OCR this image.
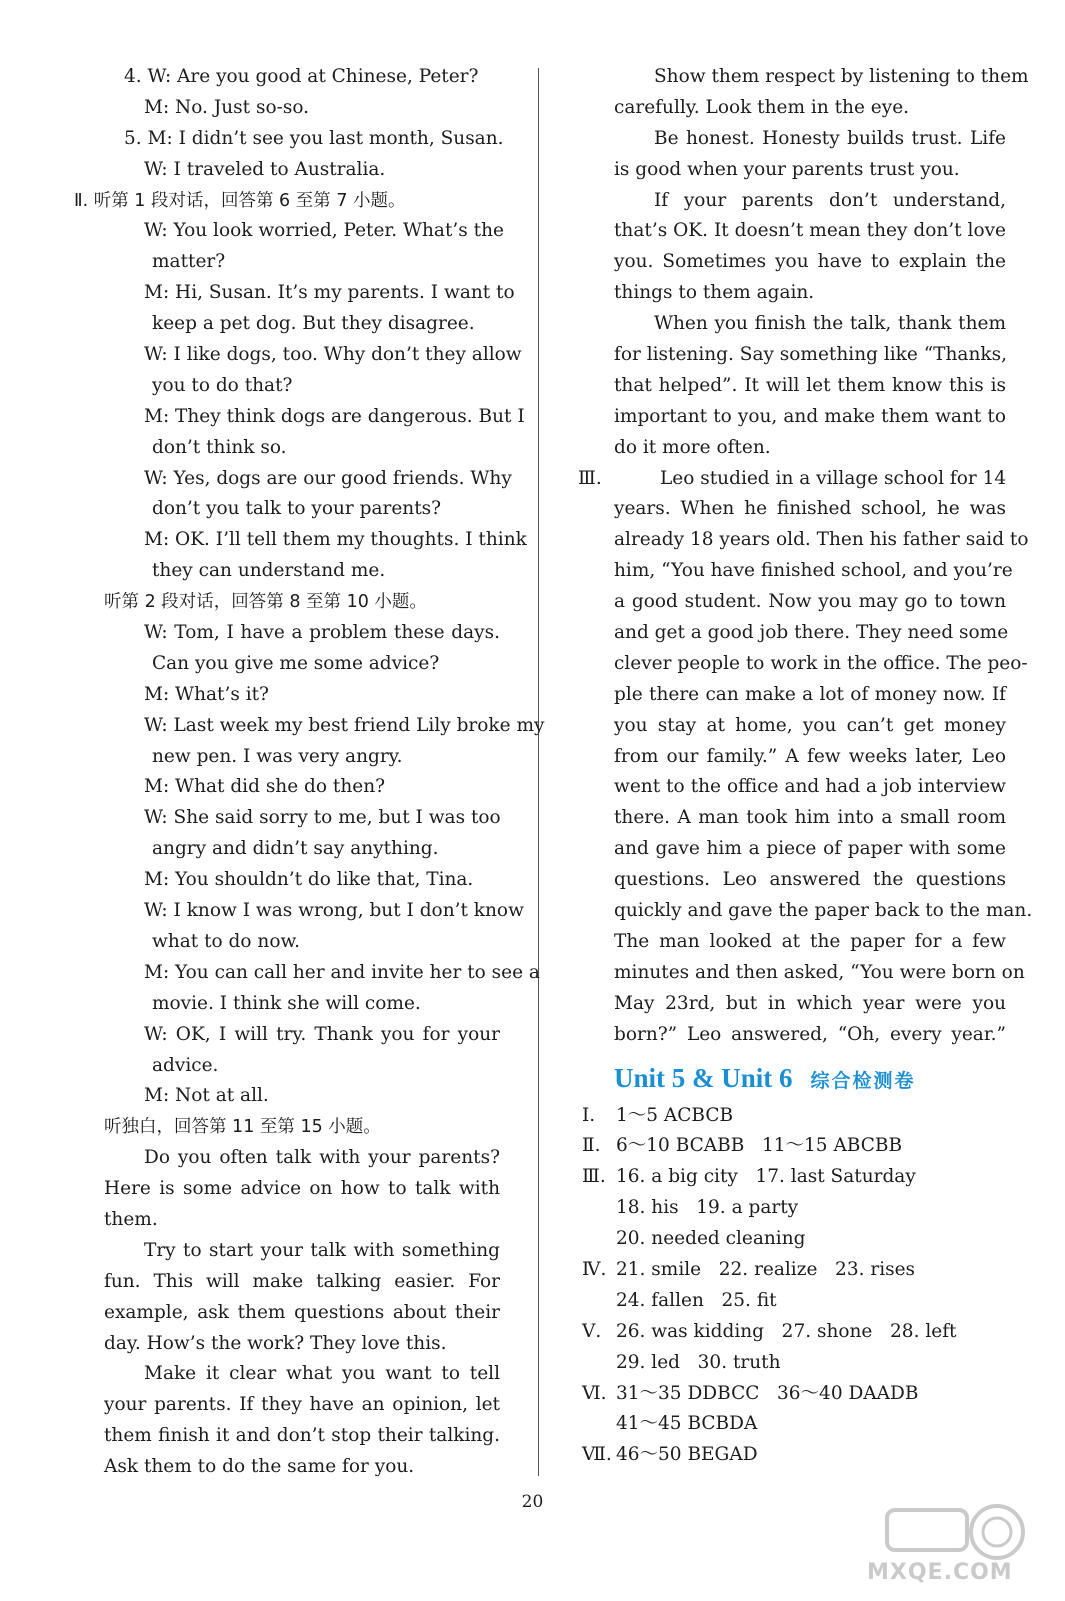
4. W: Are you good at Chinese, Peter?
M: No. Just so-so.
5. M: I didn’t see you last month, Susan.
W: I traveled to Australia.
Ⅱ. 听第 1 段对话，回答第 6 至第 7 小题。
W: You look worried, Peter. What’s the
matter?
M: Hi, Susan. It’s my parents. I want to
keep a pet dog. But they disagree.
W: I like dogs, too. Why don’t they allow
you to do that?
M: They think dogs are dangerous. But I
don’t think so.
W: Yes, dogs are our good friends. Why
don’t you talk to your parents?
M: OK. I’ll tell them my thoughts. I think
they can understand me.
听第 2 段对话，回答第 8 至第 10 小题。
W: Tom, I have a problem these days.
Can you give me some advice?
M: What’s it?
W: Last week my best friend Lily broke my
new pen. I was very angry.
M: What did she do then?
W: She said sorry to me, but I was too
angry and didn’t say anything.
M: You shouldn’t do like that, Tina.
W: I know I was wrong, but I don’t know
what to do now.
M: You can call her and invite her to see a
movie. I think she will come.
W: OK, I will try. Thank you for your
advice.
M: Not at all.
听独白，回答第 11 至第 15 小题。
Do you often talk with your parents?
Here is some advice on how to talk with
them.
Try to start your talk with something
fun. This will make talking easier. For
example, ask them questions about their
day. How’s the work? They love this.
Make it clear what you want to tell
your parents. If they have an opinion, let
them finish it and don’t stop their talking.
Ask them to do the same for you.
Show them respect by listening to them
carefully. Look them in the eye.
Be honest. Honesty builds trust. Life
is good when your parents trust you.
If your parents don’t understand,
that’s OK. It doesn’t mean they don’t love
you. Sometimes you have to explain the
things to them again.
When you finish the talk, thank them
for listening. Say something like “Thanks,
that helped”. It will let them know this is
important to you, and make them want to
do it more often.
Ⅲ.	Leo studied in a village school for 14
years. When he finished school, he was
already 18 years old. Then his father said to
him, “You have finished school, and you’re
a good student. Now you may go to town
and get a good job there. They need some
clever people to work in the office. The peo-
ple there can make a lot of money now. If
you stay at home, you can’t get money
from our family.” A few weeks later, Leo
went to the office and had a job interview
there. A man took him into a small room
and gave him a piece of paper with some
questions. Leo answered the questions
quickly and gave the paper back to the man.
The man looked at the paper for a few
minutes and then asked, “You were born on
May 23rd, but in which year were you
born?” Leo answered, “Oh, every year.”
Unit 5 & Unit 6 综合检测卷
Ⅰ. 1～5 ACBCB
Ⅱ. 6～10 BCABB   11～15 ABCBB
Ⅲ. 16. a big city   17. last Saturday
18. his   19. a party
20. needed cleaning
Ⅳ. 21. smile   22. realize   23. rises
24. fallen   25. fit
Ⅴ. 26. was kidding   27. shone   28. left
29. led   30. truth
Ⅵ. 31～35 DDBCC   36～40 DAADB
41～45 BCBDA
Ⅶ. 46～50 BEGAD
20
MXQE.COM
